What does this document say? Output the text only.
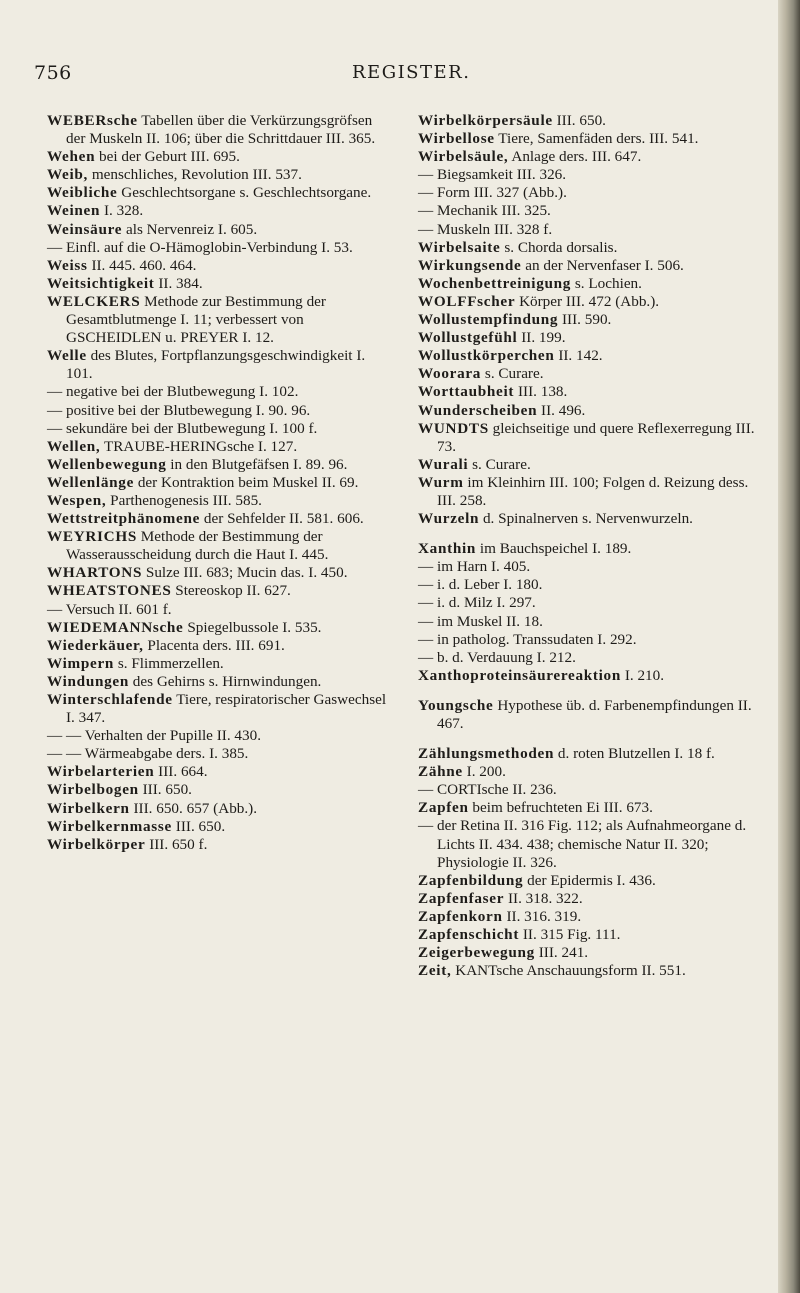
756	REGISTER.

WEBERsche Tabellen über die Verkürzungsgröfsen der Muskeln II. 106; über die Schrittdauer III. 365.

Wehen bei der Geburt III. 695.

Weib, menschliches, Revolution III. 537.

Weibliche Geschlechtsorgane s. Geschlechtsorgane.

Weinen I. 328.

Weinsäure als Nervenreiz I. 605.

— Einfl. auf die O-Hämoglobin-Verbindung I. 53.

Weiss II. 445. 460. 464.

Weitsichtigkeit II. 384.

WELCKERS Methode zur Bestimmung der Gesamtblutmenge I. 11; verbessert von GSCHEIDLEN u. PREYER I. 12.

Welle des Blutes, Fortpflanzungsgeschwindigkeit I. 101.

— negative bei der Blutbewegung I. 102.

— positive bei der Blutbewegung I. 90. 96.

— sekundäre bei der Blutbewegung I. 100 f.

Wellen, TRAUBE-HERINGsche I. 127.

Wellenbewegung in den Blutgefäfsen I. 89. 96.

Wellenlänge der Kontraktion beim Muskel II. 69.

Wespen, Parthenogenesis III. 585.

Wettstreitphänomene der Sehfelder II. 581. 606.

WEYRICHS Methode der Bestimmung der Wasserausscheidung durch die Haut I. 445.

WHARTONS Sulze III. 683; Mucin das. I. 450.

WHEATSTONES Stereoskop II. 627.

— Versuch II. 601 f.

WIEDEMANNsche Spiegelbussole I. 535.

Wiederkäuer, Placenta ders. III. 691.

Wimpern s. Flimmerzellen.

Windungen des Gehirns s. Hirnwindungen.

Winterschlafende Tiere, respiratorischer Gaswechsel I. 347.

— — Verhalten der Pupille II. 430.

— — Wärmeabgabe ders. I. 385.

Wirbelarterien III. 664.

Wirbelbogen III. 650.

Wirbelkern III. 650. 657 (Abb.).

Wirbelkernmasse III. 650.

Wirbelkörper III. 650 f.

Wirbelkörpersäule III. 650.

Wirbellose Tiere, Samenfäden ders. III. 541.

Wirbelsäule, Anlage ders. III. 647.

— Biegsamkeit III. 326.

— Form III. 327 (Abb.).

— Mechanik III. 325.

— Muskeln III. 328 f.

Wirbelsaite s. Chorda dorsalis.

Wirkungsende an der Nervenfaser I. 506.

Wochenbettreinigung s. Lochien.

WOLFFscher Körper III. 472 (Abb.).

Wollustempfindung III. 590.

Wollustgefühl II. 199.

Wollustkörperchen II. 142.

Woorara s. Curare.

Worttaubheit III. 138.

Wunderscheiben II. 496.

WUNDTS gleichseitige und quere Reflexerregung III. 73.

Wurali s. Curare.

Wurm im Kleinhirn III. 100; Folgen d. Reizung dess. III. 258.

Wurzeln d. Spinalnerven s. Nervenwurzeln.

Xanthin im Bauchspeichel I. 189.

— im Harn I. 405.

— i. d. Leber I. 180.

— i. d. Milz I. 297.

— im Muskel II. 18.

— in patholog. Transsudaten I. 292.

— b. d. Verdauung I. 212.

Xanthoproteinsäurereaktion I. 210.

Youngsche Hypothese üb. d. Farbenempfindungen II. 467.

Zählungsmethoden d. roten Blutzellen I. 18 f.

Zähne I. 200.

— CORTIsche II. 236.

Zapfen beim befruchteten Ei III. 673.

— der Retina II. 316 Fig. 112; als Aufnahmeorgane d. Lichts II. 434. 438; chemische Natur II. 320; Physiologie II. 326.

Zapfenbildung der Epidermis I. 436.

Zapfenfaser II. 318. 322.

Zapfenkorn II. 316. 319.

Zapfenschicht II. 315 Fig. 111.

Zeigerbewegung III. 241.

Zeit, KANTsche Anschauungsform II. 551.
